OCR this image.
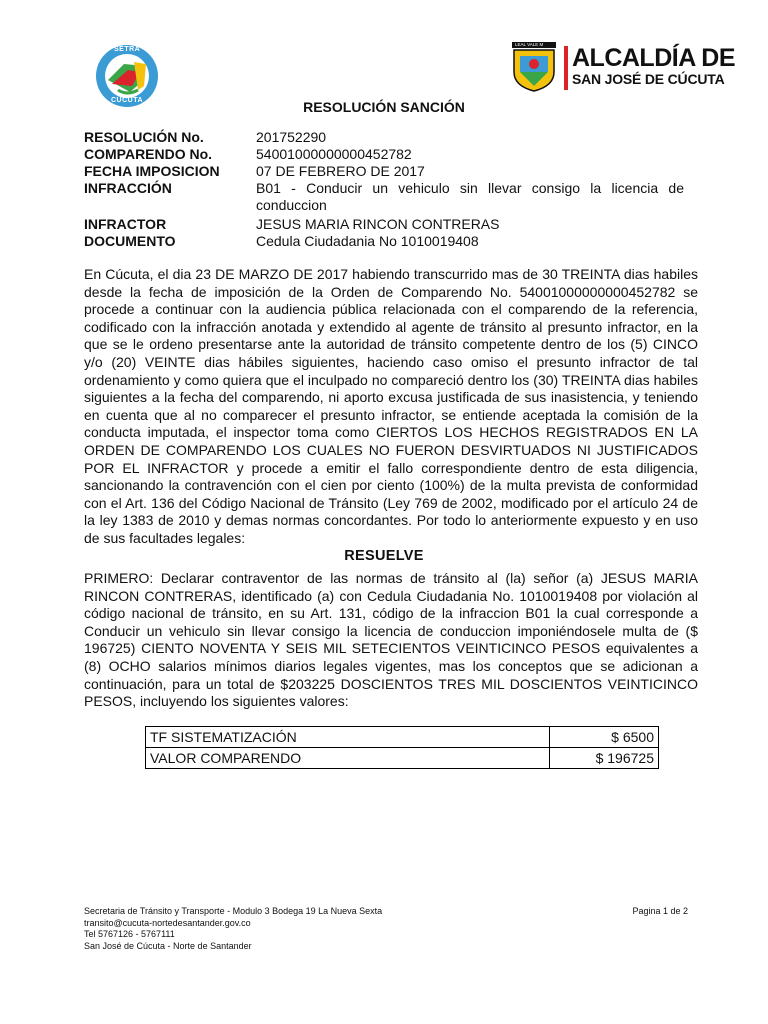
SETRA
CÚCUTA
LEAL VALE M ALCALDÍA DE
SAN JOSÉ DE CÚCUTA
RESOLUCIÓN SANCIÓN
RESOLUCIÓN No.	201752290
COMPARENDO No.	54001000000000452782
FECHA IMPOSICION	07 DE FEBRERO DE 2017
INFRACCIÓN	B01 - Conducir un vehiculo sin llevar consigo la licencia de conduccion
INFRACTOR	JESUS MARIA RINCON CONTRERAS
DOCUMENTO	Cedula Ciudadania No 1010019408
En Cúcuta, el dia 23 DE MARZO DE 2017 habiendo transcurrido mas de 30 TREINTA dias habiles desde la fecha de imposición de la Orden de Comparendo No. 54001000000000452782 se procede a continuar con la audiencia pública relacionada con el comparendo de la referencia, codificado con la infracción anotada y extendido al agente de tránsito al presunto infractor, en la que se le ordeno presentarse ante la autoridad de tránsito competente dentro de los (5) CINCO y/o (20) VEINTE dias hábiles siguientes, haciendo caso omiso el presunto infractor de tal ordenamiento y como quiera que el inculpado no compareció dentro los (30) TREINTA dias habiles siguientes a la fecha del comparendo, ni aporto excusa justificada de sus inasistencia, y teniendo en cuenta que al no comparecer el presunto infractor, se entiende aceptada la comisión de la conducta imputada, el inspector toma como CIERTOS LOS HECHOS REGISTRADOS EN LA ORDEN DE COMPARENDO LOS CUALES NO FUERON DESVIRTUADOS NI JUSTIFICADOS POR EL INFRACTOR y procede a emitir el fallo correspondiente dentro de esta diligencia, sancionando la contravención con el cien por ciento (100%) de la multa prevista de conformidad con el Art. 136 del Código Nacional de Tránsito (Ley 769 de 2002, modificado por el artículo 24 de la ley 1383 de 2010 y demas normas concordantes. Por todo lo anteriormente expuesto y en uso de sus facultades legales:
RESUELVE
PRIMERO: Declarar contraventor de las normas de tránsito al (la) señor (a) JESUS MARIA RINCON CONTRERAS, identificado (a) con Cedula Ciudadania No. 1010019408 por violación al código nacional de tránsito, en su Art. 131, código de la infraccion B01 la cual corresponde a Conducir un vehiculo sin llevar consigo la licencia de conduccion imponiéndosele multa de ($ 196725) CIENTO NOVENTA Y SEIS MIL SETECIENTOS VEINTICINCO PESOS equivalentes a (8) OCHO salarios mínimos diarios legales vigentes, mas los conceptos que se adicionan a continuación, para un total de $203225 DOSCIENTOS TRES MIL DOSCIENTOS VEINTICINCO PESOS, incluyendo los siguientes valores:
TF SISTEMATIZACIÓN	$ 6500
VALOR COMPARENDO	$ 196725
Secretaria de Tránsito y Transporte - Modulo 3 Bodega 19 La Nueva Sexta
transito@cucuta-nortedesantander.gov.co
Tel 5767126 - 5767111
San José de Cúcuta - Norte de Santander
Pagina 1 de 2
